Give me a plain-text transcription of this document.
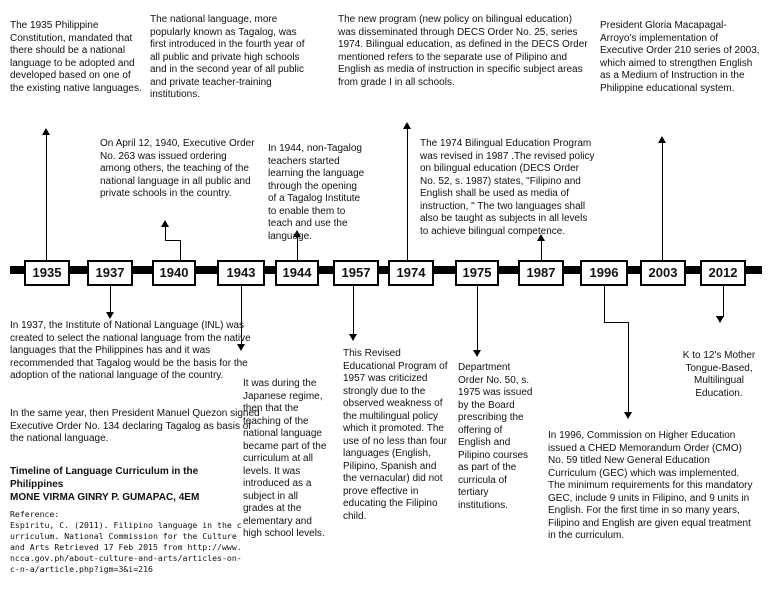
1935	1937	1940	1943	1944	1957	1974	1975	1987	1996	2003	2012
The 1935 Philippine Constitution, mandated that there should be a national language to be adopted and developed based on one of the existing native languages.
The national language, more popularly known as Tagalog, was first introduced in the fourth year of all public and private high schools and in the second year of all public and private teacher-training institutions.
On April 12, 1940, Executive Order No. 263 was issued ordering among others, the teaching of the national language in all public and private schools in the country.
In 1944, non-Tagalog teachers started learning the language through the opening of a Tagalog Institute to enable them to teach and use the language.
The new program (new policy on bilingual education) was disseminated through DECS Order No. 25, series 1974. Bilingual education, as defined in the DECS Order mentioned refers to the separate use of Pilipino and English as media of instruction in specific subject areas from grade I in all schools.
The 1974 Bilingual Education Program was revised in 1987 .The revised policy on bilingual education (DECS Order No. 52, s. 1987) states, "Filipino and English shall be used as media of instruction, " The two languages shall also be taught as subjects in all levels to achieve bilingual competence.
President Gloria Macapagal-Arroyo's implementation of Executive Order 210 series of 2003, which aimed to strengthen English as a Medium of Instruction in the Philippine educational system.
In 1937, the Institute of National Language (INL) was created to select the national language from the native languages that the Philippines has and it was recommended that Tagalog would be the basis for the adoption of the national language of the country.
In the same year, then President Manuel Quezon signed Executive Order No. 134 declaring Tagalog as basis of the national language.
It was during the Japanese regime, then that the teaching of the national language became part of the curriculum at all levels. It was introduced as a subject in all grades at the elementary and high school levels.
This Revised Educational Program of 1957 was criticized strongly due to the observed weakness of the multilingual policy which it promoted. The use of no less than four languages (English, Pilipino, Spanish and the vernacular) did not prove effective in educating the Filipino child.
Department Order No. 50, s. 1975 was issued by the Board prescribing the offering of English and Pilipino courses as part of the curricula of tertiary institutions.
In 1996, Commission on Higher Education issued a CHED Memorandum Order (CMO) No. 59 titled New General Education Curriculum (GEC) which was implemented. The minimum requirements for this mandatory GEC, include 9 units in Filipino, and 9 units in English. For the first time in so many years, Filipino and English are given equal treatment in the curriculum.
K to 12's Mother Tongue-Based, Multilingual Education.
Timeline of Language Curriculum in the Philippines
MONE VIRMA GINRY P. GUMAPAC, 4EM
Reference:
Espiritu, C. (2011). Filipino language in the curriculum. National Commission for the Culture and Arts Retrieved 17 Feb 2015 from http://www.ncca.gov.ph/about-culture-and-arts/articles-on-c-n-a/article.php?igm=3&i=216
